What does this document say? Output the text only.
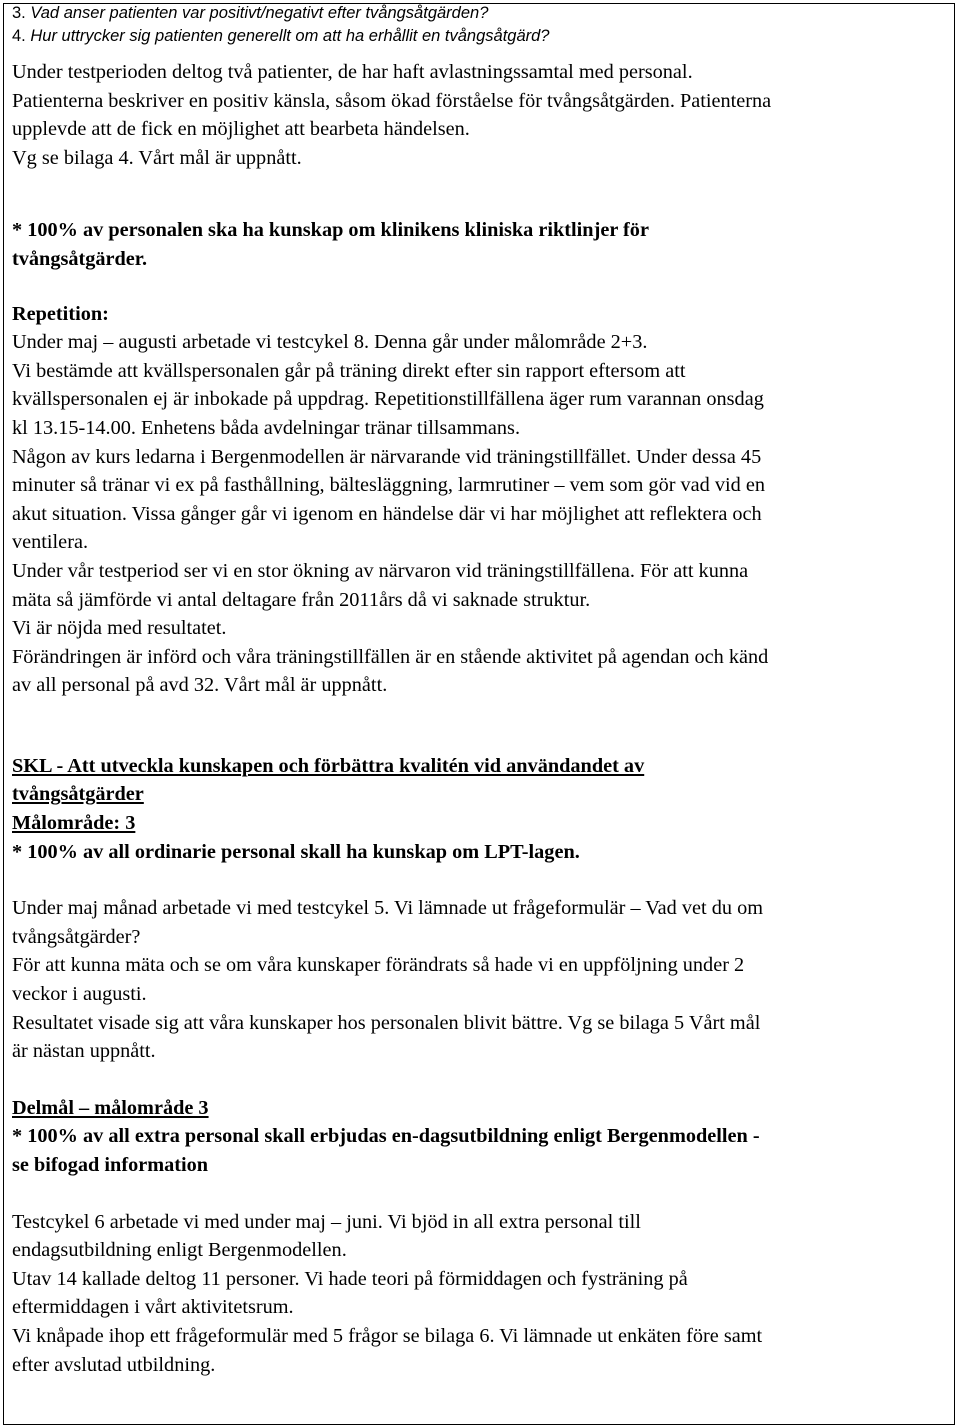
3. Vad anser patienten var positivt/negativt efter tvångsåtgärden?

4. Hur uttrycker sig patienten generellt om att ha erhållit en tvångsåtgärd?

Under testperioden deltog två patienter, de har haft avlastningssamtal med personal.

Patienterna beskriver en positiv känsla, såsom ökad förståelse för tvångsåtgärden. Patienterna

upplevde att de fick en möjlighet att bearbeta händelsen.

Vg se bilaga 4. Vårt mål är uppnått.

* 100% av personalen ska ha kunskap om klinikens kliniska riktlinjer för

tvångsåtgärder.

Repetition:

Under maj – augusti arbetade vi testcykel 8. Denna går under målområde 2+3.

Vi bestämde att kvällspersonalen går på träning direkt efter sin rapport eftersom att

kvällspersonalen ej är inbokade på uppdrag. Repetitionstillfällena äger rum varannan onsdag

kl 13.15-14.00. Enhetens båda avdelningar tränar tillsammans.

Någon av kurs ledarna i Bergenmodellen är närvarande vid träningstillfället. Under dessa 45

minuter så tränar vi ex på fasthållning, bältesläggning, larmrutiner – vem som gör vad vid en

akut situation. Vissa gånger går vi igenom en händelse där vi har möjlighet att reflektera och

ventilera.

Under vår testperiod ser vi en stor ökning av närvaron vid träningstillfällena. För att kunna

mäta så jämförde vi antal deltagare från 2011års då vi saknade struktur.

Vi är nöjda med resultatet.

Förändringen är införd och våra träningstillfällen är en stående aktivitet på agendan och känd

av all personal på avd 32. Vårt mål är uppnått.

SKL - Att utveckla kunskapen och förbättra kvalitén vid användandet av

tvångsåtgärder

Målområde: 3

* 100% av all ordinarie personal skall ha kunskap om LPT-lagen.

Under maj månad arbetade vi med testcykel 5. Vi lämnade ut frågeformulär – Vad vet du om

tvångsåtgärder?

För att kunna mäta och se om våra kunskaper förändrats så hade vi en uppföljning under 2

veckor i augusti.

Resultatet visade sig att våra kunskaper hos personalen blivit bättre. Vg se bilaga 5 Vårt mål

är nästan uppnått.

Delmål – målområde 3

* 100% av all extra personal skall erbjudas en-dagsutbildning enligt Bergenmodellen -

se bifogad information

Testcykel 6 arbetade vi med under maj – juni. Vi bjöd in all extra personal till

endagsutbildning enligt Bergenmodellen.

Utav 14 kallade deltog 11 personer. Vi hade teori på förmiddagen och fysträning på

eftermiddagen i vårt aktivitetsrum.

Vi knåpade ihop ett frågeformulär med 5 frågor se bilaga 6. Vi lämnade ut enkäten före samt

efter avslutad utbildning.
